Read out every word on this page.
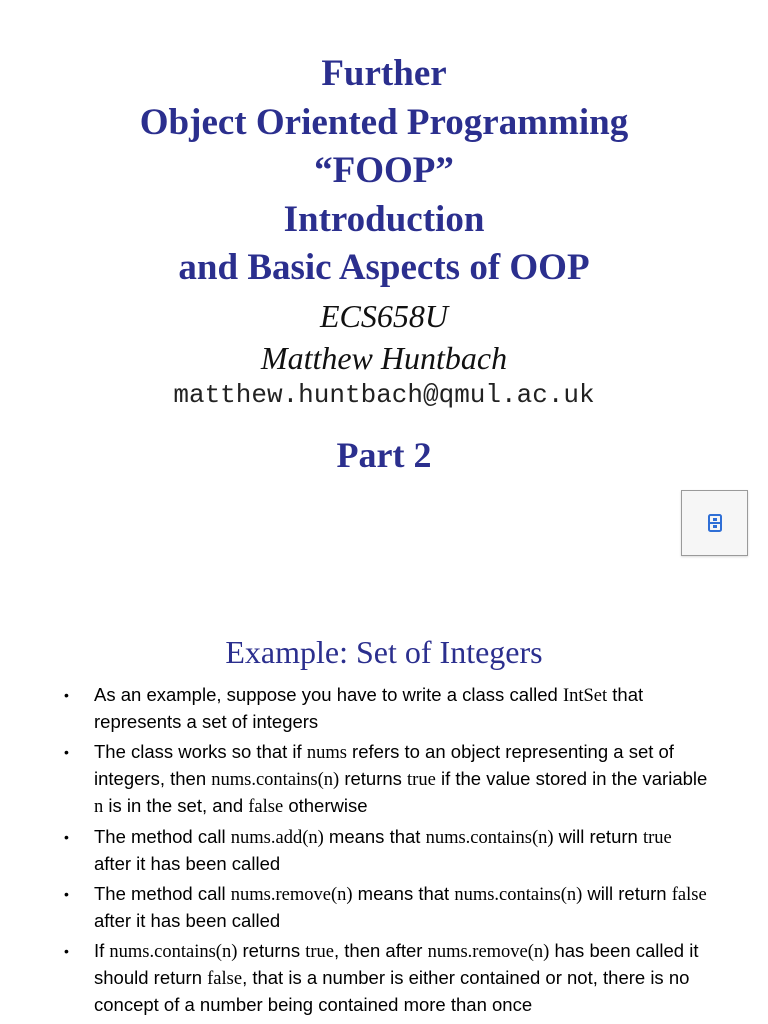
Further
Object Oriented Programming
“FOOP”
Introduction
and Basic Aspects of OOP
ECS658U
Matthew Huntbach
matthew.huntbach@qmul.ac.uk
Part 2
Example: Set of Integers
• As an example, suppose you have to write a class called IntSet that represents a set of integers
• The class works so that if nums refers to an object representing a set of integers, then nums.contains(n) returns true if the value stored in the variable n is in the set, and false otherwise
• The method call nums.add(n) means that nums.contains(n) will return true after it has been called
• The method call nums.remove(n) means that nums.contains(n) will return false after it has been called
• If nums.contains(n) returns true, then after nums.remove(n) has been called it should return false, that is a number is either contained or not, there is no concept of a number being contained more than once
